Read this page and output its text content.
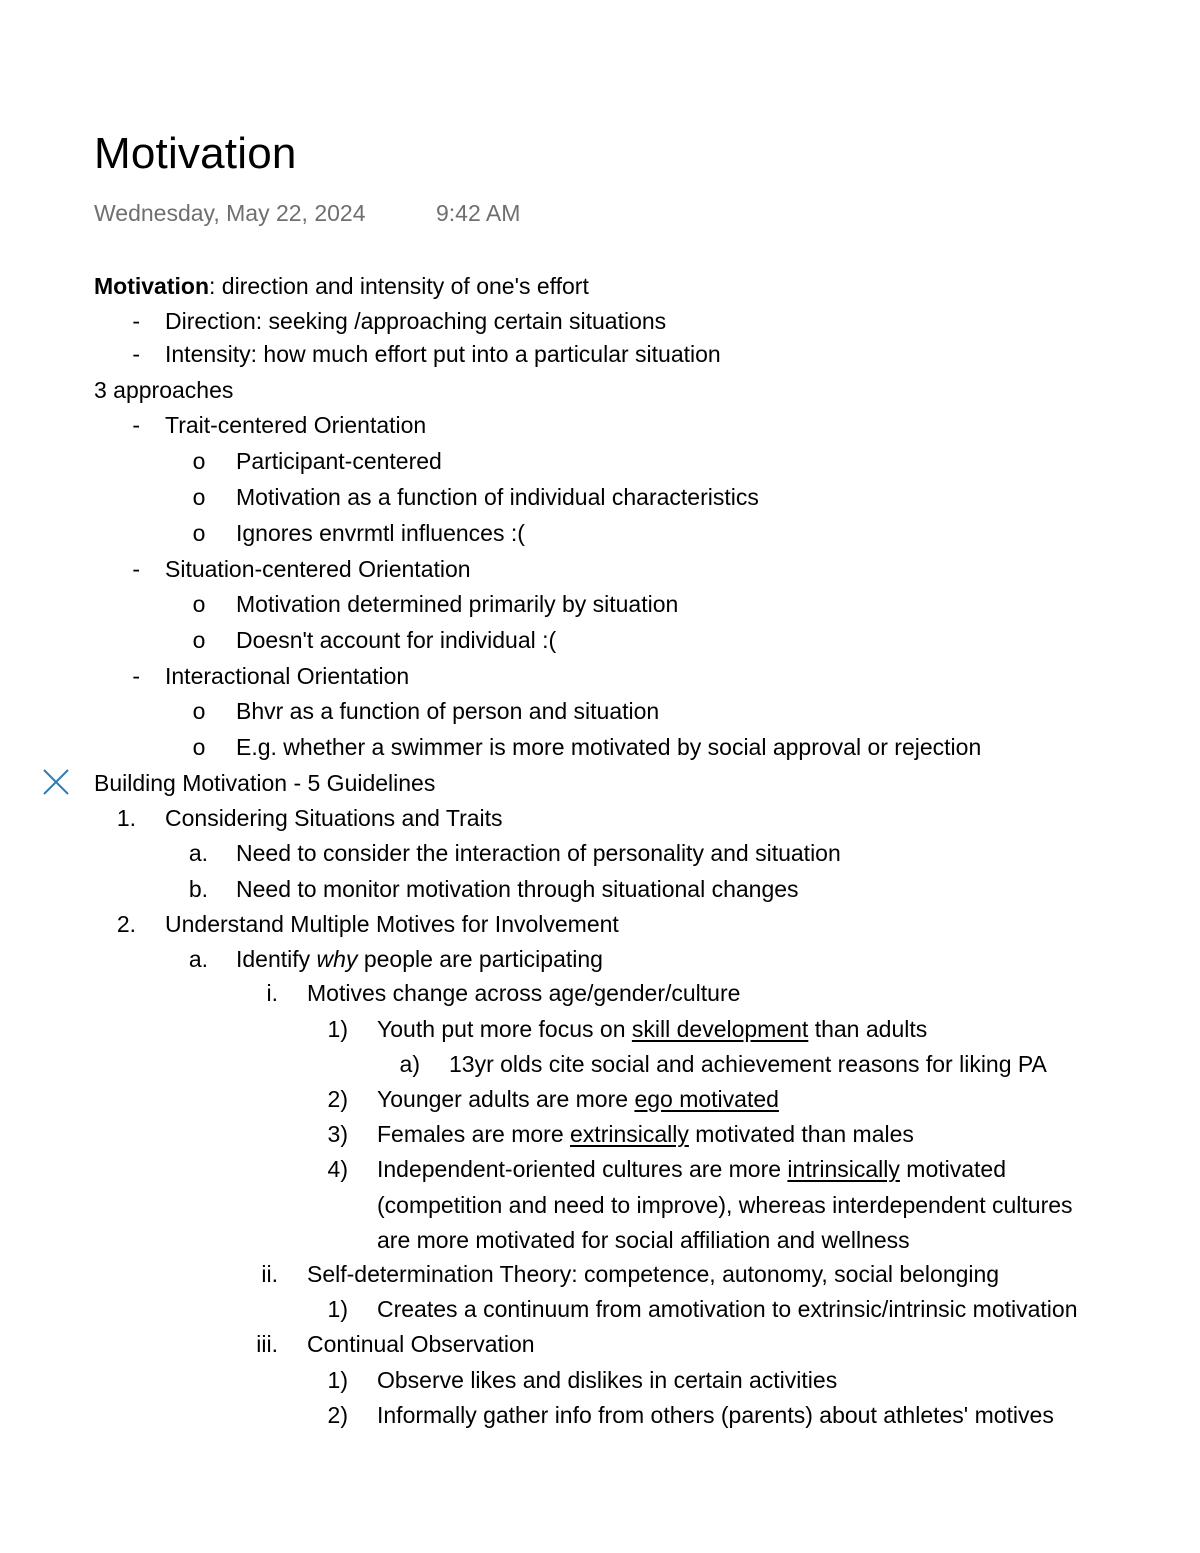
Motivation
Wednesday, May 22, 2024	9:42 AM
Motivation: direction and intensity of one's effort
- Direction: seeking /approaching certain situations
- Intensity: how much effort put into a particular situation
3 approaches
- Trait-centered Orientation
o Participant-centered
o Motivation as a function of individual characteristics
o Ignores envrmtl influences :(
- Situation-centered Orientation
o Motivation determined primarily by situation
o Doesn't account for individual :(
- Interactional Orientation
o Bhvr as a function of person and situation
o E.g. whether a swimmer is more motivated by social approval or rejection
Building Motivation - 5 Guidelines
1. Considering Situations and Traits
a. Need to consider the interaction of personality and situation
b. Need to monitor motivation through situational changes
2. Understand Multiple Motives for Involvement
a. Identify why people are participating
i. Motives change across age/gender/culture
1) Youth put more focus on skill development than adults
a) 13yr olds cite social and achievement reasons for liking PA
2) Younger adults are more ego motivated
3) Females are more extrinsically motivated than males
4) Independent-oriented cultures are more intrinsically motivated
(competition and need to improve), whereas interdependent cultures
are more motivated for social affiliation and wellness
ii. Self-determination Theory: competence, autonomy, social belonging
1) Creates a continuum from amotivation to extrinsic/intrinsic motivation
iii. Continual Observation
1) Observe likes and dislikes in certain activities
2) Informally gather info from others (parents) about athletes' motives
